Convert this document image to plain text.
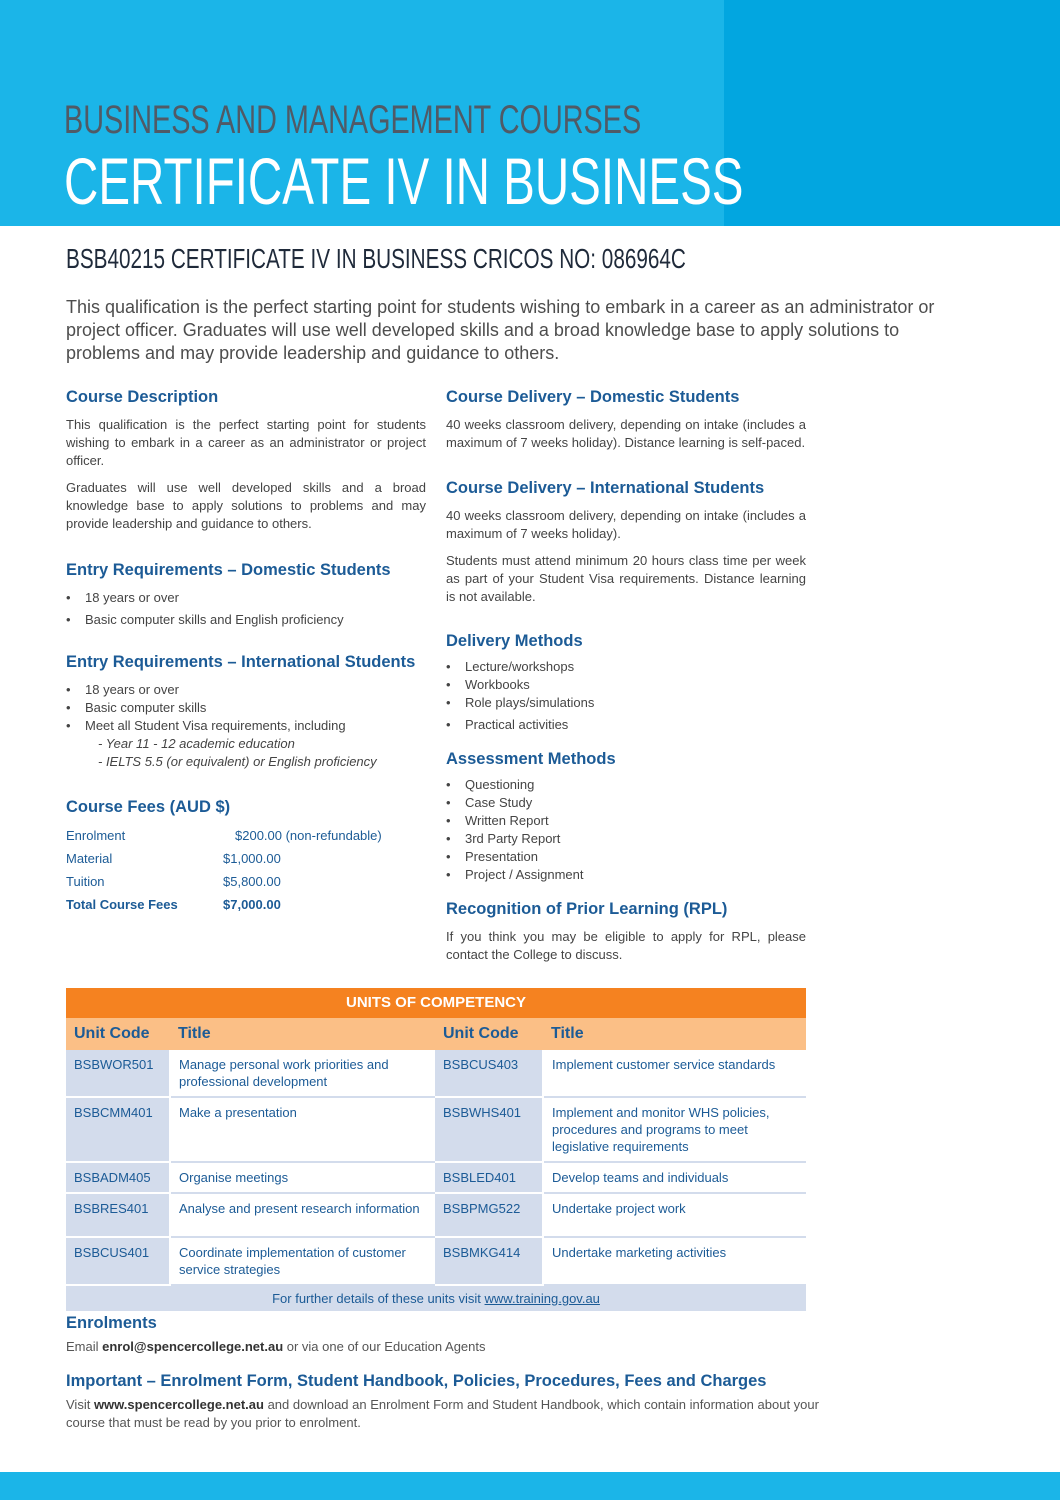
BUSINESS AND MANAGEMENT COURSES
CERTIFICATE IV IN BUSINESS
BSB40215 CERTIFICATE IV IN BUSINESS CRICOS NO: 086964C
This qualification is the perfect starting point for students wishing to embark in a career as an administrator or project officer. Graduates will use well developed skills and a broad knowledge base to apply solutions to problems and may provide leadership and guidance to others.
Course Description

This qualification is the perfect starting point for students wishing to embark in a career as an administrator or project officer.

Graduates will use well developed skills and a broad knowledge base to apply solutions to problems and may provide leadership and guidance to others.

Entry Requirements – Domestic Students
• 18 years or over
• Basic computer skills and English proficiency
Entry Requirements – International Students
• 18 years or over
• Basic computer skills
• Meet all Student Visa requirements, including
- Year 11 - 12 academic education
- IELTS 5.5 (or equivalent) or English proficiency
Course Fees (AUD $)
Enrolment	$200.00 (non-refundable)
Material	$1,000.00
Tuition	$5,800.00
Total Course Fees	$7,000.00
Course Delivery – Domestic Students

40 weeks classroom delivery, depending on intake (includes a maximum of 7 weeks holiday). Distance learning is self-paced.

Course Delivery – International Students

40 weeks classroom delivery, depending on intake (includes a maximum of 7 weeks holiday).

Students must attend minimum 20 hours class time per week as part of your Student Visa requirements. Distance learning is not available.

Delivery Methods
• Lecture/workshops
• Workbooks
• Role plays/simulations
• Practical activities
Assessment Methods
• Questioning
• Case Study
• Written Report
• 3rd Party Report
• Presentation
• Project / Assignment
Recognition of Prior Learning (RPL)

If you think you may be eligible to apply for RPL, please contact the College to discuss.

UNITS OF COMPETENCY
Unit Code	Title	Unit Code	Title
BSBWOR501	Manage personal work priorities and professional development	BSBCUS403	Implement customer service standards
BSBCMM401	Make a presentation	BSBWHS401	Implement and monitor WHS policies, procedures and programs to meet legislative requirements
BSBADM405	Organise meetings	BSBLED401	Develop teams and individuals
BSBRES401	Analyse and present research information	BSBPMG522	Undertake project work
BSBCUS401	Coordinate implementation of customer service strategies	BSBMKG414	Undertake marketing activities
For further details of these units visit www.training.gov.au
Enrolments

Email enrol@spencercollege.net.au or via one of our Education Agents

Important – Enrolment Form, Student Handbook, Policies, Procedures, Fees and Charges

Visit www.spencercollege.net.au and download an Enrolment Form and Student Handbook, which contain information about your course that must be read by you prior to enrolment.
